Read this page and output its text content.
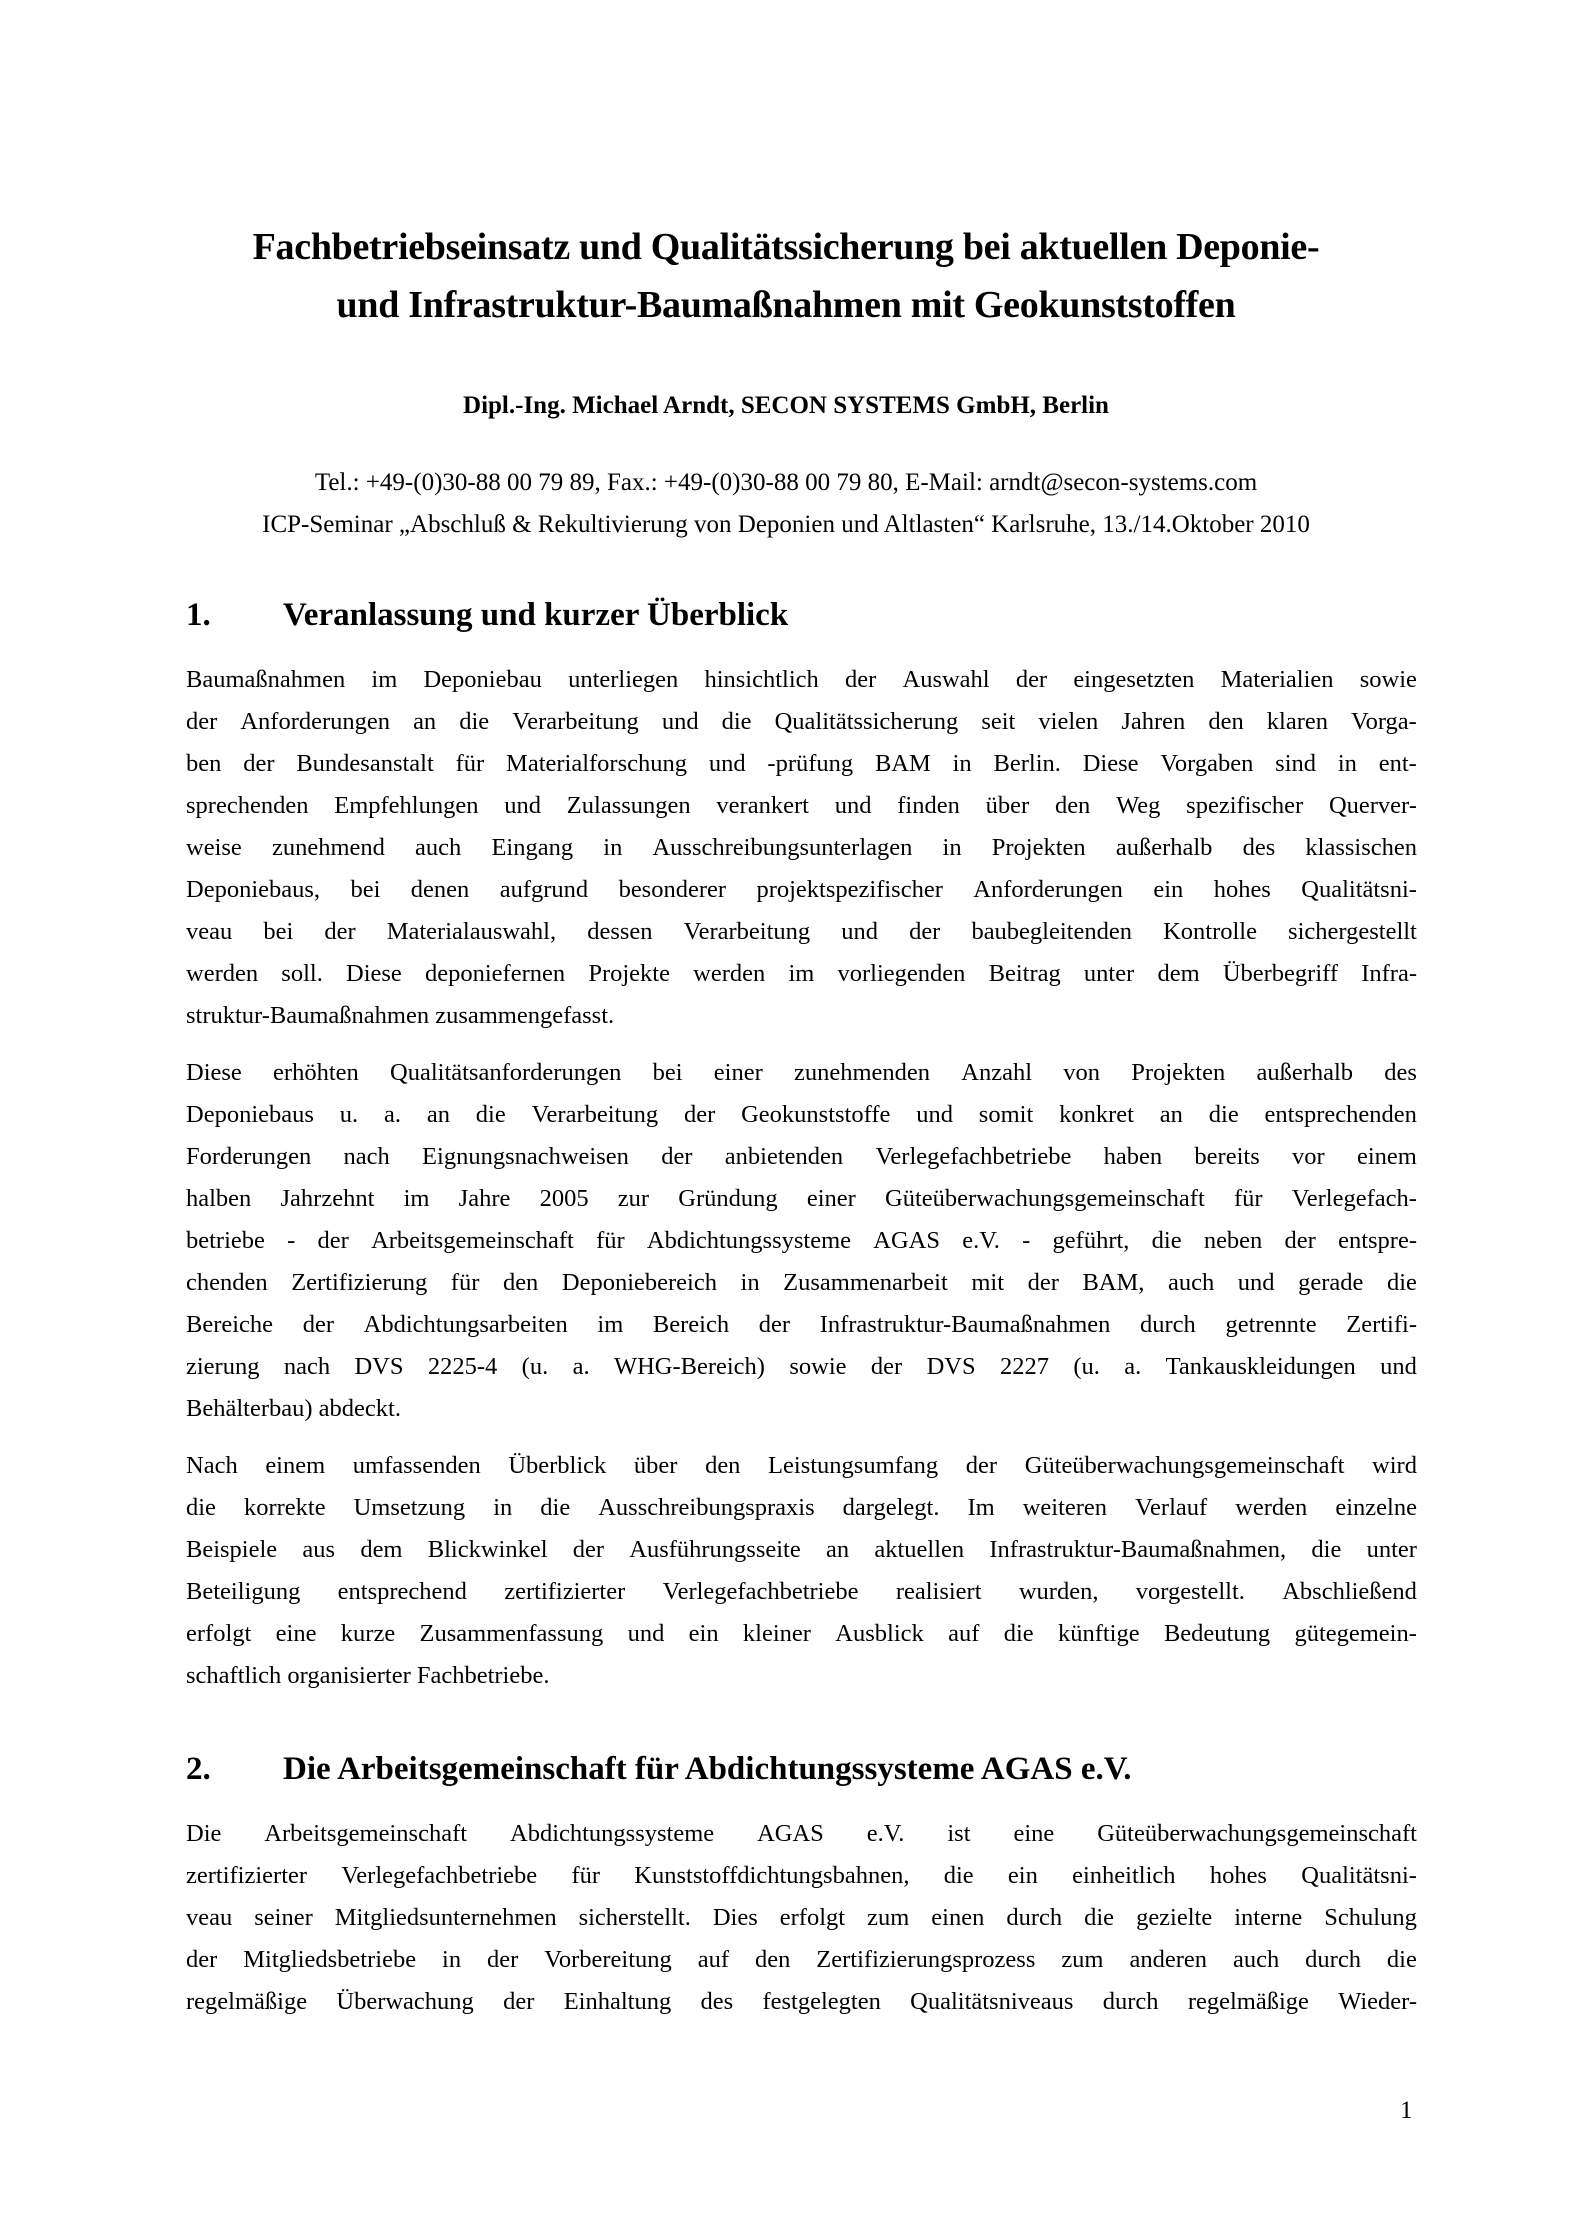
Fachbetriebseinsatz und Qualitätssicherung bei aktuellen Deponie-
und Infrastruktur-Baumaßnahmen mit Geokunststoffen
Dipl.-Ing. Michael Arndt, SECON SYSTEMS GmbH, Berlin
Tel.: +49-(0)30-88 00 79 89, Fax.: +49-(0)30-88 00 79 80, E-Mail: arndt@secon-systems.com
ICP-Seminar „Abschluß & Rekultivierung von Deponien und Altlasten“ Karlsruhe, 13./14.Oktober 2010
1. Veranlassung und kurzer Überblick
Baumaßnahmen im Deponiebau unterliegen hinsichtlich der Auswahl der eingesetzten Materialien sowie
der Anforderungen an die Verarbeitung und die Qualitätssicherung seit vielen Jahren den klaren Vorga-
ben der Bundesanstalt für Materialforschung und -prüfung BAM in Berlin. Diese Vorgaben sind in ent-
sprechenden Empfehlungen und Zulassungen verankert und finden über den Weg spezifischer Querver-
weise zunehmend auch Eingang in Ausschreibungsunterlagen in Projekten außerhalb des klassischen
Deponiebaus, bei denen aufgrund besonderer projektspezifischer Anforderungen ein hohes Qualitätsni-
veau bei der Materialauswahl, dessen Verarbeitung und der baubegleitenden Kontrolle sichergestellt
werden soll. Diese deponiefernen Projekte werden im vorliegenden Beitrag unter dem Überbegriff Infra-
struktur-Baumaßnahmen zusammengefasst.
Diese erhöhten Qualitätsanforderungen bei einer zunehmenden Anzahl von Projekten außerhalb des
Deponiebaus u. a. an die Verarbeitung der Geokunststoffe und somit konkret an die entsprechenden
Forderungen nach Eignungsnachweisen der anbietenden Verlegefachbetriebe haben bereits vor einem
halben Jahrzehnt im Jahre 2005 zur Gründung einer Güteüberwachungsgemeinschaft für Verlegefach-
betriebe - der Arbeitsgemeinschaft für Abdichtungssysteme AGAS e.V. - geführt, die neben der entspre-
chenden Zertifizierung für den Deponiebereich in Zusammenarbeit mit der BAM, auch und gerade die
Bereiche der Abdichtungsarbeiten im Bereich der Infrastruktur-Baumaßnahmen durch getrennte Zertifi-
zierung nach DVS 2225-4 (u. a. WHG-Bereich) sowie der DVS 2227 (u. a. Tankauskleidungen und
Behälterbau) abdeckt.
Nach einem umfassenden Überblick über den Leistungsumfang der Güteüberwachungsgemeinschaft wird
die korrekte Umsetzung in die Ausschreibungspraxis dargelegt. Im weiteren Verlauf werden einzelne
Beispiele aus dem Blickwinkel der Ausführungsseite an aktuellen Infrastruktur-Baumaßnahmen, die unter
Beteiligung entsprechend zertifizierter Verlegefachbetriebe realisiert wurden, vorgestellt. Abschließend
erfolgt eine kurze Zusammenfassung und ein kleiner Ausblick auf die künftige Bedeutung gütegemein-
schaftlich organisierter Fachbetriebe.
2. Die Arbeitsgemeinschaft für Abdichtungssysteme AGAS e.V.
Die Arbeitsgemeinschaft Abdichtungssysteme AGAS e.V. ist eine Güteüberwachungsgemeinschaft
zertifizierter Verlegefachbetriebe für Kunststoffdichtungsbahnen, die ein einheitlich hohes Qualitätsni-
veau seiner Mitgliedsunternehmen sicherstellt. Dies erfolgt zum einen durch die gezielte interne Schulung
der Mitgliedsbetriebe in der Vorbereitung auf den Zertifizierungsprozess zum anderen auch durch die
regelmäßige Überwachung der Einhaltung des festgelegten Qualitätsniveaus durch regelmäßige Wieder-
1
